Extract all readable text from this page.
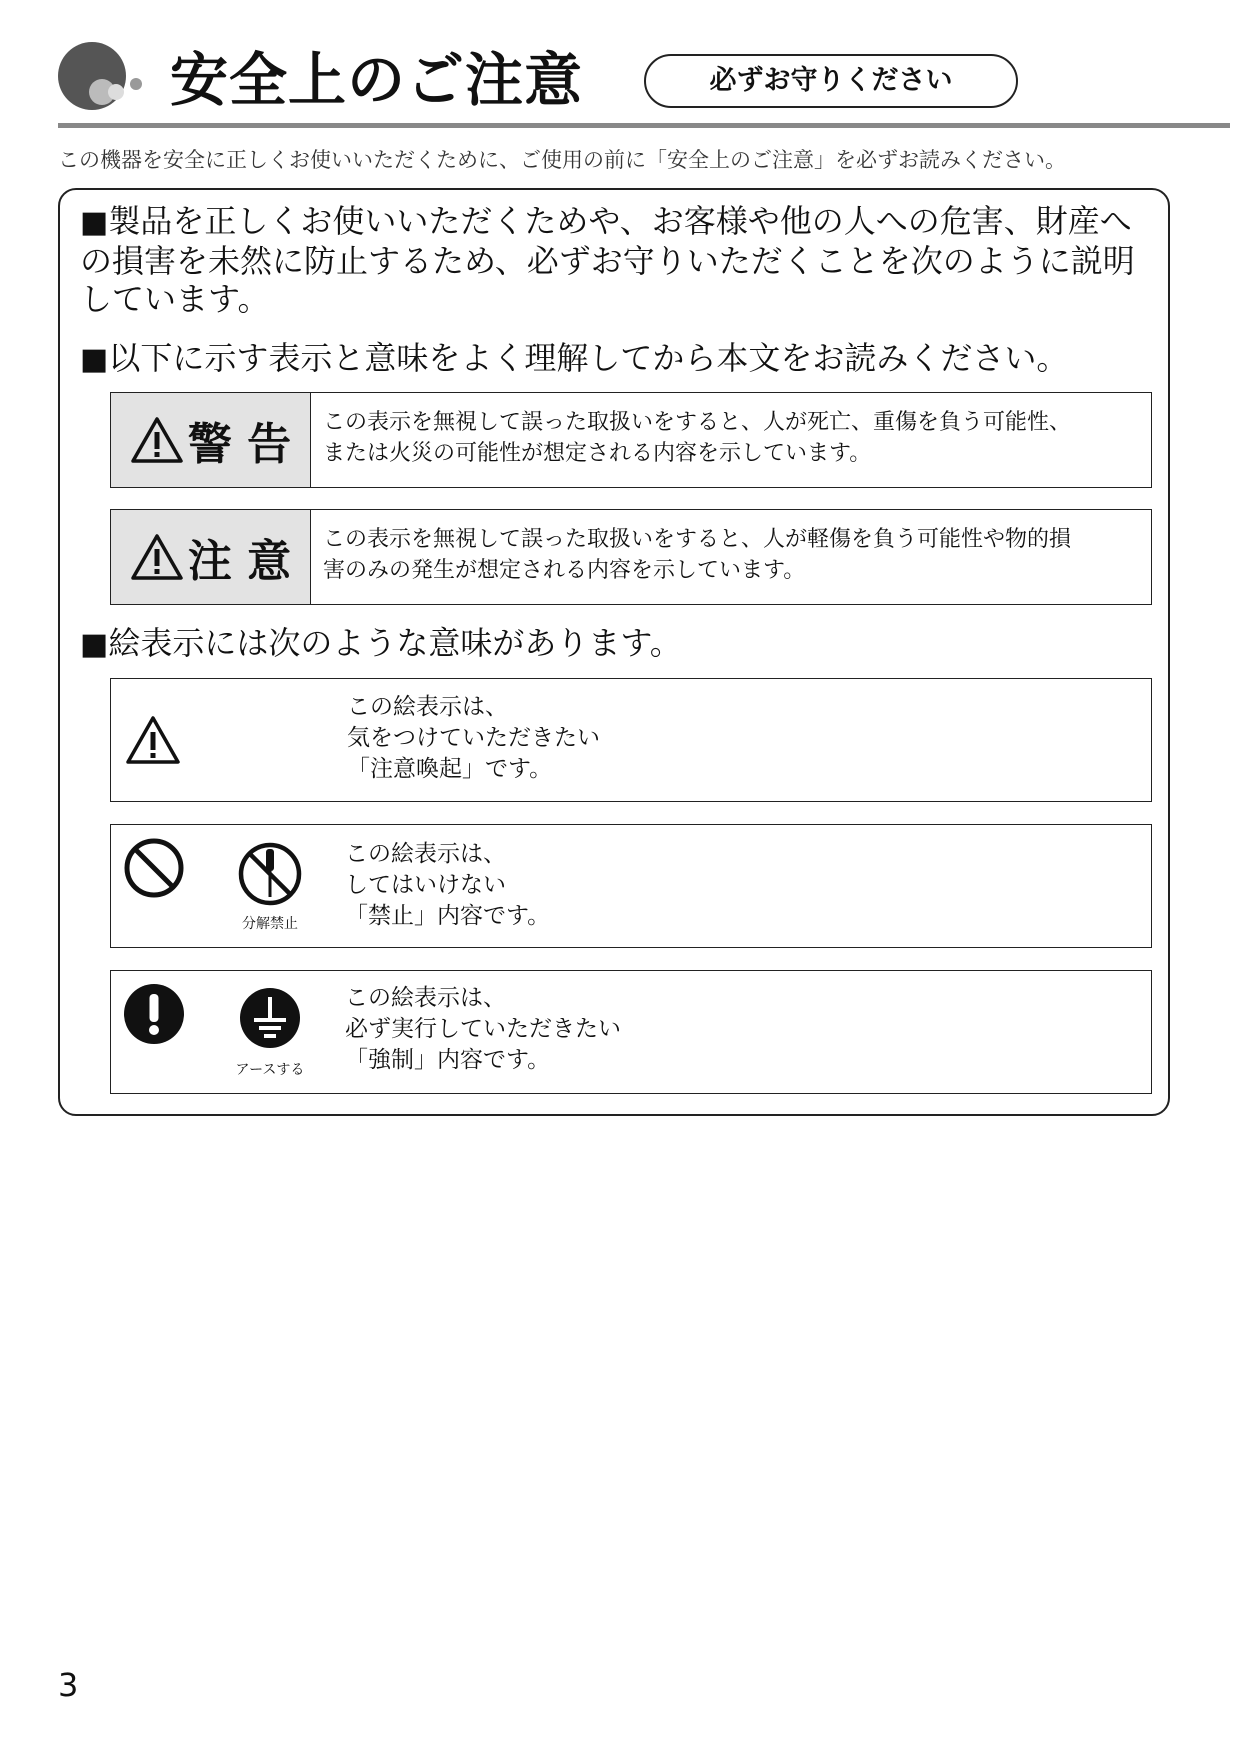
安全上のご注意	必ずお守りください
この機器を安全に正しくお使いいただくために、ご使用の前に「安全上のご注意」を必ずお読みください。
■製品を正しくお使いいただくためや、お客様や他の人への危害、財産への損害を未然に防止するため、必ずお守りいただくことを次のように説明しています。
■以下に示す表示と意味をよく理解してから本文をお読みください。
警 告 この表示を無視して誤った取扱いをすると、人が死亡、重傷を負う可能性、
または火災の可能性が想定される内容を示しています。
注 意 この表示を無視して誤った取扱いをすると、人が軽傷を負う可能性や物的損
害のみの発生が想定される内容を示しています。
■絵表示には次のような意味があります。
この絵表示は、
気をつけていただきたい
「注意喚起」です。
分解禁止
この絵表示は、
してはいけない
「禁止」内容です。
アースする
この絵表示は、
必ず実行していただきたい
「強制」内容です。
3
